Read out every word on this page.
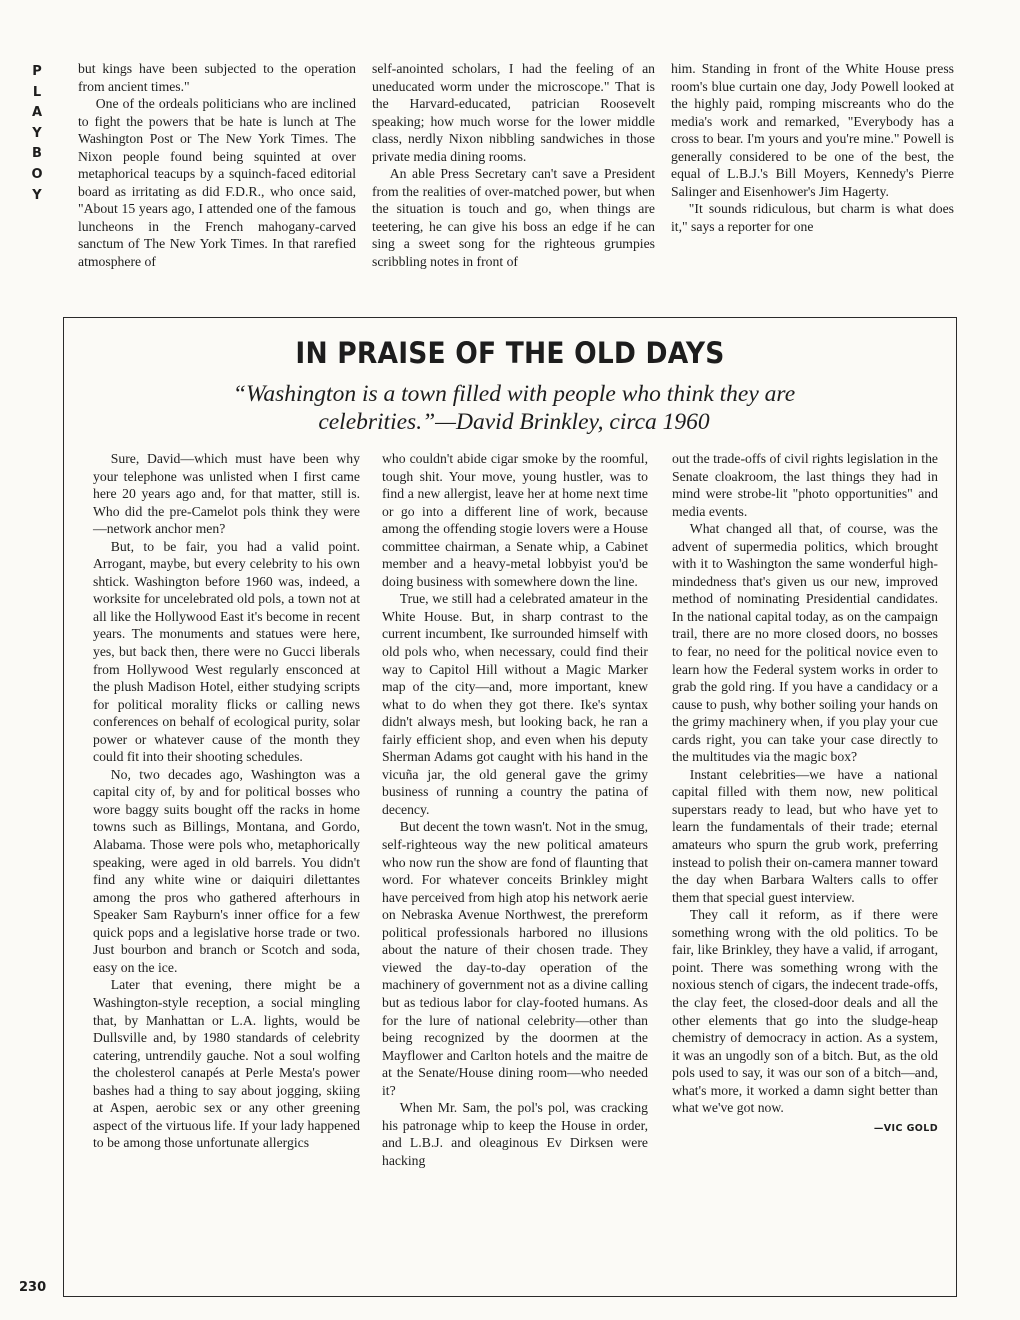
P
L
A
Y
B
O
Y

but kings have been subjected to the operation from ancient times."

One of the ordeals politicians who are inclined to fight the powers that be hate is lunch at The Washington Post or The New York Times. The Nixon people found being squinted at over metaphorical teacups by a squinch-faced editorial board as irritating as did F.D.R., who once said, "About 15 years ago, I attended one of the famous luncheons in the French mahogany-carved sanctum of The New York Times. In that rarefied atmosphere of

self-anointed scholars, I had the feeling of an uneducated worm under the microscope." That is the Harvard-educated, patrician Roosevelt speaking; how much worse for the lower middle class, nerdly Nixon nibbling sandwiches in those private media dining rooms.

An able Press Secretary can't save a President from the realities of over-matched power, but when the situation is touch and go, when things are teetering, he can give his boss an edge if he can sing a sweet song for the righteous grumpies scribbling notes in front of

him. Standing in front of the White House press room's blue curtain one day, Jody Powell looked at the highly paid, romping miscreants who do the media's work and remarked, "Everybody has a cross to bear. I'm yours and you're mine." Powell is generally considered to be one of the best, the equal of L.B.J.'s Bill Moyers, Kennedy's Pierre Salinger and Eisenhower's Jim Hagerty.

"It sounds ridiculous, but charm is what does it," says a reporter for one

IN PRAISE OF THE OLD DAYS
“Washington is a town filled with people who think they are celebrities.”—David Brinkley, circa 1960

Sure, David—which must have been why your telephone was unlisted when I first came here 20 years ago and, for that matter, still is. Who did the pre-Camelot pols think they were—network anchor men?

But, to be fair, you had a valid point. Arrogant, maybe, but every celebrity to his own shtick. Washington before 1960 was, indeed, a worksite for uncelebrated old pols, a town not at all like the Hollywood East it's become in recent years. The monuments and statues were here, yes, but back then, there were no Gucci liberals from Hollywood West regularly ensconced at the plush Madison Hotel, either studying scripts for political morality flicks or calling news conferences on behalf of ecological purity, solar power or whatever cause of the month they could fit into their shooting schedules.

No, two decades ago, Washington was a capital city of, by and for political bosses who wore baggy suits bought off the racks in home towns such as Billings, Montana, and Gordo, Alabama. Those were pols who, metaphorically speaking, were aged in old barrels. You didn't find any white wine or daiquiri dilettantes among the pros who gathered afterhours in Speaker Sam Rayburn's inner office for a few quick pops and a legislative horse trade or two. Just bourbon and branch or Scotch and soda, easy on the ice.

Later that evening, there might be a Washington-style reception, a social mingling that, by Manhattan or L.A. lights, would be Dullsville and, by 1980 standards of celebrity catering, untrendily gauche. Not a soul wolfing the cholesterol canapés at Perle Mesta's power bashes had a thing to say about jogging, skiing at Aspen, aerobic sex or any other greening aspect of the virtuous life. If your lady happened to be among those unfortunate allergics

who couldn't abide cigar smoke by the roomful, tough shit. Your move, young hustler, was to find a new allergist, leave her at home next time or go into a different line of work, because among the offending stogie lovers were a House committee chairman, a Senate whip, a Cabinet member and a heavy-metal lobbyist you'd be doing business with somewhere down the line.

True, we still had a celebrated amateur in the White House. But, in sharp contrast to the current incumbent, Ike surrounded himself with old pols who, when necessary, could find their way to Capitol Hill without a Magic Marker map of the city—and, more important, knew what to do when they got there. Ike's syntax didn't always mesh, but looking back, he ran a fairly efficient shop, and even when his deputy Sherman Adams got caught with his hand in the vicuña jar, the old general gave the grimy business of running a country the patina of decency.

But decent the town wasn't. Not in the smug, self-righteous way the new political amateurs who now run the show are fond of flaunting that word. For whatever conceits Brinkley might have perceived from high atop his network aerie on Nebraska Avenue Northwest, the prereform political professionals harbored no illusions about the nature of their chosen trade. They viewed the day-to-day operation of the machinery of government not as a divine calling but as tedious labor for clay-footed humans. As for the lure of national celebrity—other than being recognized by the doormen at the Mayflower and Carlton hotels and the maitre de at the Senate/House dining room—who needed it?

When Mr. Sam, the pol's pol, was cracking his patronage whip to keep the House in order, and L.B.J. and oleaginous Ev Dirksen were hacking

out the trade-offs of civil rights legislation in the Senate cloakroom, the last things they had in mind were strobe-lit "photo opportunities" and media events.

What changed all that, of course, was the advent of supermedia politics, which brought with it to Washington the same wonderful high-mindedness that's given us our new, improved method of nominating Presidential candidates. In the national capital today, as on the campaign trail, there are no more closed doors, no bosses to fear, no need for the political novice even to learn how the Federal system works in order to grab the gold ring. If you have a candidacy or a cause to push, why bother soiling your hands on the grimy machinery when, if you play your cue cards right, you can take your case directly to the multitudes via the magic box?

Instant celebrities—we have a national capital filled with them now, new political superstars ready to lead, but who have yet to learn the fundamentals of their trade; eternal amateurs who spurn the grub work, preferring instead to polish their on-camera manner toward the day when Barbara Walters calls to offer them that special guest interview.

They call it reform, as if there were something wrong with the old politics. To be fair, like Brinkley, they have a valid, if arrogant, point. There was something wrong with the noxious stench of cigars, the indecent trade-offs, the clay feet, the closed-door deals and all the other elements that go into the sludge-heap chemistry of democracy in action. As a system, it was an ungodly son of a bitch. But, as the old pols used to say, it was our son of a bitch—and, what's more, it worked a damn sight better than what we've got now.

—VIC GOLD
230
